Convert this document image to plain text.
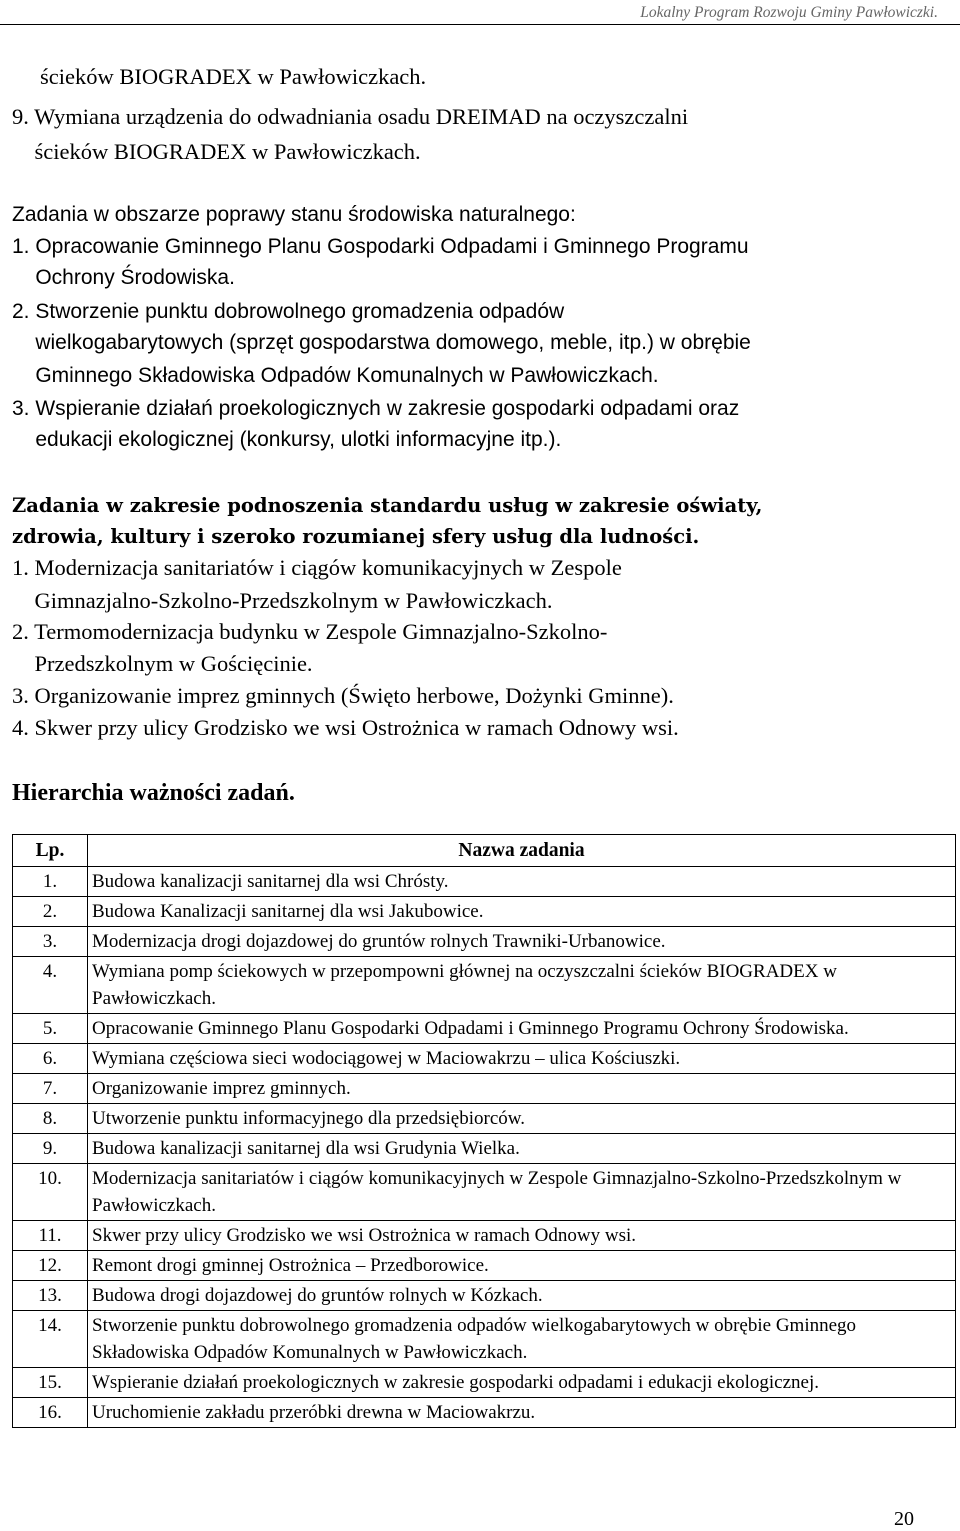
Lokalny Program Rozwoju Gminy Pawłowiczki.
ścieków BIOGRADEX w Pawłowiczkach.
9. Wymiana urządzenia do odwadniania osadu DREIMAD na oczyszczalni
ścieków BIOGRADEX w Pawłowiczkach.
Zadania w obszarze poprawy stanu środowiska naturalnego:
1. Opracowanie Gminnego Planu Gospodarki Odpadami i Gminnego Programu
Ochrony Środowiska.
2. Stworzenie punktu dobrowolnego gromadzenia odpadów
wielkogabarytowych (sprzęt gospodarstwa domowego, meble, itp.) w obrębie
Gminnego Składowiska Odpadów Komunalnych w Pawłowiczkach.
3. Wspieranie działań proekologicznych w zakresie gospodarki odpadami oraz
edukacji ekologicznej (konkursy, ulotki informacyjne itp.).
Zadania w zakresie podnoszenia standardu usług w zakresie oświaty,
zdrowia, kultury i szeroko rozumianej sfery usług dla ludności.
1. Modernizacja sanitariatów i ciągów komunikacyjnych w Zespole
Gimnazjalno-Szkolno-Przedszkolnym w Pawłowiczkach.
2. Termomodernizacja budynku w Zespole Gimnazjalno-Szkolno-
Przedszkolnym w Gościęcinie.
3. Organizowanie imprez gminnych (Święto herbowe, Dożynki Gminne).
4. Skwer przy ulicy Grodzisko we wsi Ostrożnica w ramach Odnowy wsi.
Hierarchia ważności zadań.
Lp.	Nazwa zadania
1.	Budowa kanalizacji sanitarnej dla wsi Chrósty.
2.	Budowa Kanalizacji sanitarnej dla wsi Jakubowice.
3.	Modernizacja drogi dojazdowej do gruntów rolnych Trawniki-Urbanowice.
4.	Wymiana pomp ściekowych w przepompowni głównej na oczyszczalni ścieków BIOGRADEX w Pawłowiczkach.
5.	Opracowanie Gminnego Planu Gospodarki Odpadami i Gminnego Programu Ochrony Środowiska.
6.	Wymiana częściowa sieci wodociągowej w Maciowakrzu – ulica Kościuszki.
7.	Organizowanie imprez gminnych.
8.	Utworzenie punktu informacyjnego dla przedsiębiorców.
9.	Budowa kanalizacji sanitarnej dla wsi Grudynia Wielka.
10.	Modernizacja sanitariatów i ciągów komunikacyjnych w Zespole Gimnazjalno-Szkolno-Przedszkolnym w Pawłowiczkach.
11.	Skwer przy ulicy Grodzisko we wsi Ostrożnica w ramach Odnowy wsi.
12.	Remont drogi gminnej Ostrożnica – Przedborowice.
13.	Budowa drogi dojazdowej do gruntów rolnych w Kózkach.
14.	Stworzenie punktu dobrowolnego gromadzenia odpadów wielkogabarytowych w obrębie Gminnego Składowiska Odpadów Komunalnych w Pawłowiczkach.
15.	Wspieranie działań proekologicznych w zakresie gospodarki odpadami i edukacji ekologicznej.
16.	Uruchomienie zakładu przeróbki drewna w Maciowakrzu.
20
